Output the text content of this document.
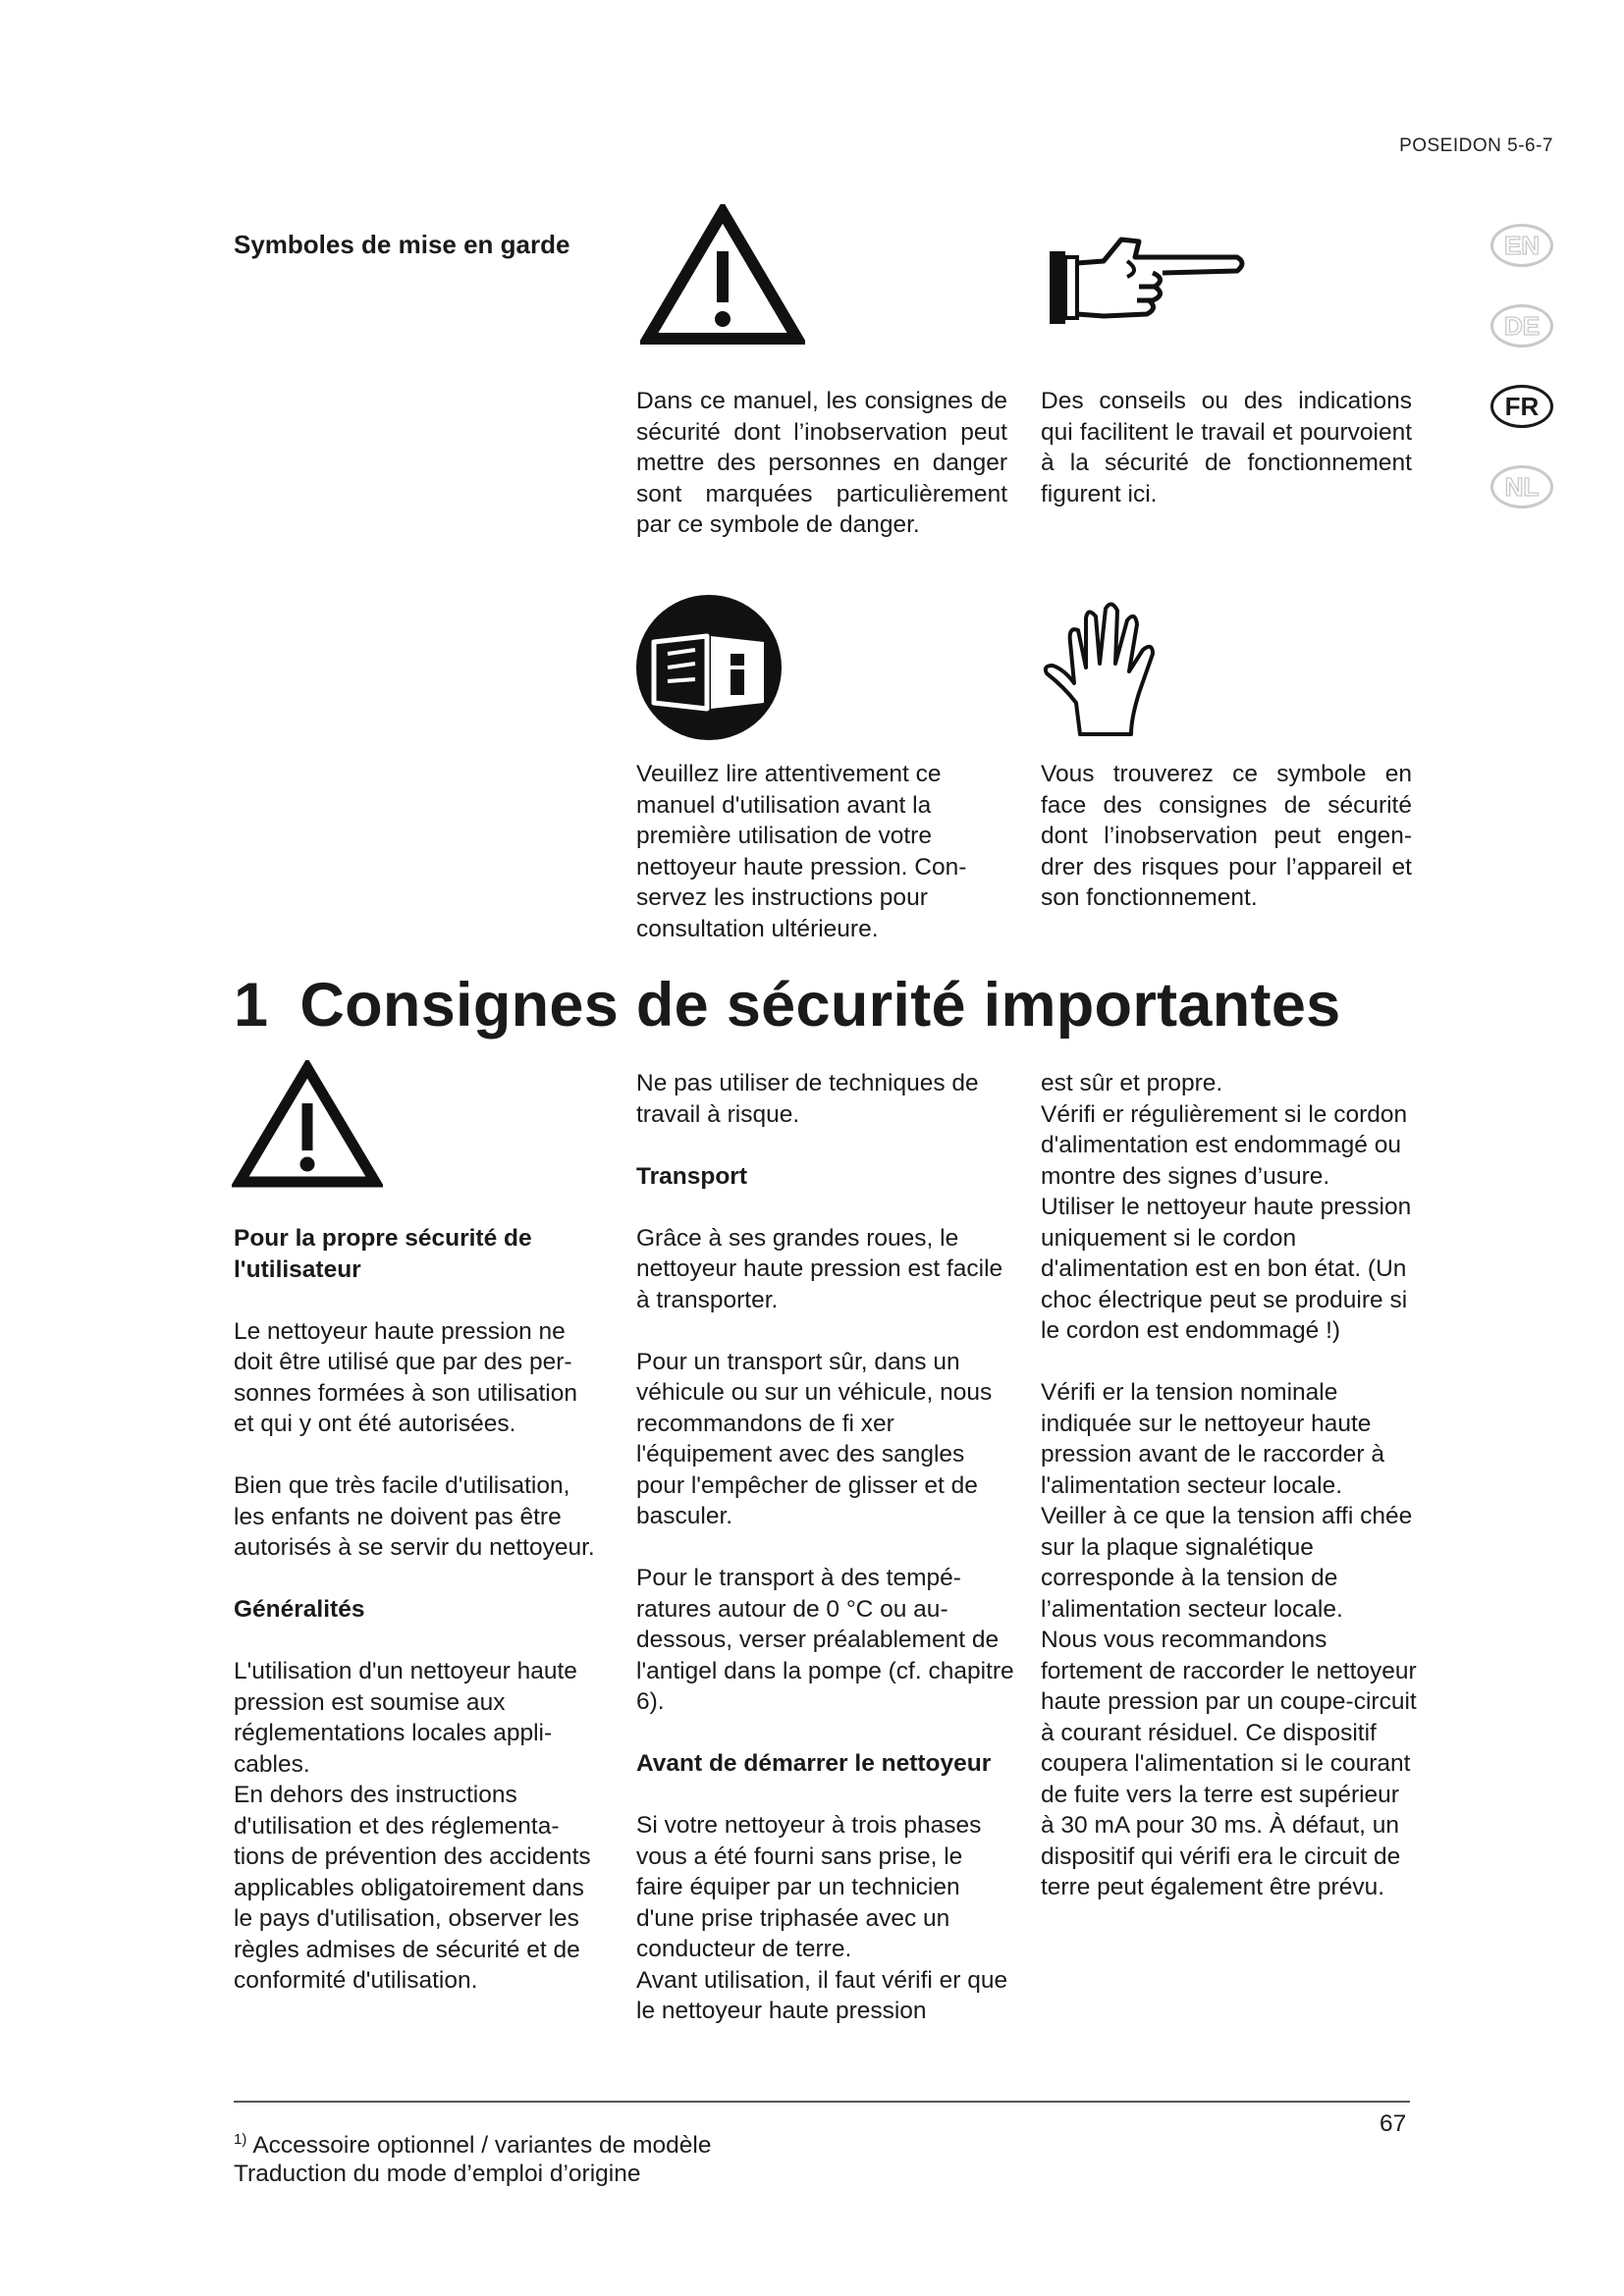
POSEIDON 5-6-7
EN
DE
FR
NL
Symboles de mise en garde
Dans ce manuel, les consignes de sécurité dont l’inobservation peut mettre des personnes en danger sont marquées particulièrement par ce symbole de danger.
Des conseils ou des indications qui facilitent le travail et pourvoient à la sécurité de fonctionnement figurent ici.
Veuillez lire attentivement ce manuel d'utilisation avant la première utilisation de votre nettoyeur haute pression. Conservez les instructions pour consultation ultérieure.
Vous trouverez ce symbole en face des consignes de sécurité dont l’inobservation peut engendrer des risques pour l’appareil et son fonctionnement.
1 Consignes de sécurité importantes
Pour la propre sécurité de l'utilisateur
Le nettoyeur haute pression ne doit être utilisé que par des personnes formées à son utilisation et qui y ont été autorisées.
Bien que très facile d'utilisation, les enfants ne doivent pas être autorisés à se servir du nettoyeur.
Généralités
L'utilisation d'un nettoyeur haute pression est soumise aux réglementations locales applicables.
En dehors des instructions d'utilisation et des réglementations de prévention des accidents applicables obligatoirement dans le pays d'utilisation, observer les règles admises de sécurité et de conformité d'utilisation.
Ne pas utiliser de techniques de travail à risque.
Transport
Grâce à ses grandes roues, le nettoyeur haute pression est facile à transporter.
Pour un transport sûr, dans un véhicule ou sur un véhicule, nous recommandons de fi xer l'équipement avec des sangles pour l'empêcher de glisser et de basculer.
Pour le transport à des températures autour de 0 °C ou audessous, verser préalablement de l'antigel dans la pompe (cf. chapitre 6).
Avant de démarrer le nettoyeur
Si votre nettoyeur à trois phases vous a été fourni sans prise, le faire équiper par un technicien d'une prise triphasée avec un conducteur de terre.
Avant utilisation, il faut vérifi er que le nettoyeur haute pression
est sûr et propre.
Vérifi er régulièrement si le cordon d'alimentation est endommagé ou montre des signes d’usure.
Utiliser le nettoyeur haute pression uniquement si le cordon d'alimentation est en bon état. (Un choc électrique peut se produire si le cordon est endommagé !)
Vérifi er la tension nominale indiquée sur le nettoyeur haute pression avant de le raccorder à l'alimentation secteur locale.
Veiller à ce que la tension affi chée sur la plaque signalétique corresponde à la tension de l’alimentation secteur locale.
Nous vous recommandons fortement de raccorder le nettoyeur haute pression par un coupe-circuit à courant résiduel. Ce dispositif coupera l'alimentation si le courant de fuite vers la terre est supérieur à 30 mA pour 30 ms. À défaut, un dispositif qui vérifi era le circuit de terre peut également être prévu.
67
$^{1)}$ Accessoire optionnel / variantes de modèle
Traduction du mode d’emploi d’origine
